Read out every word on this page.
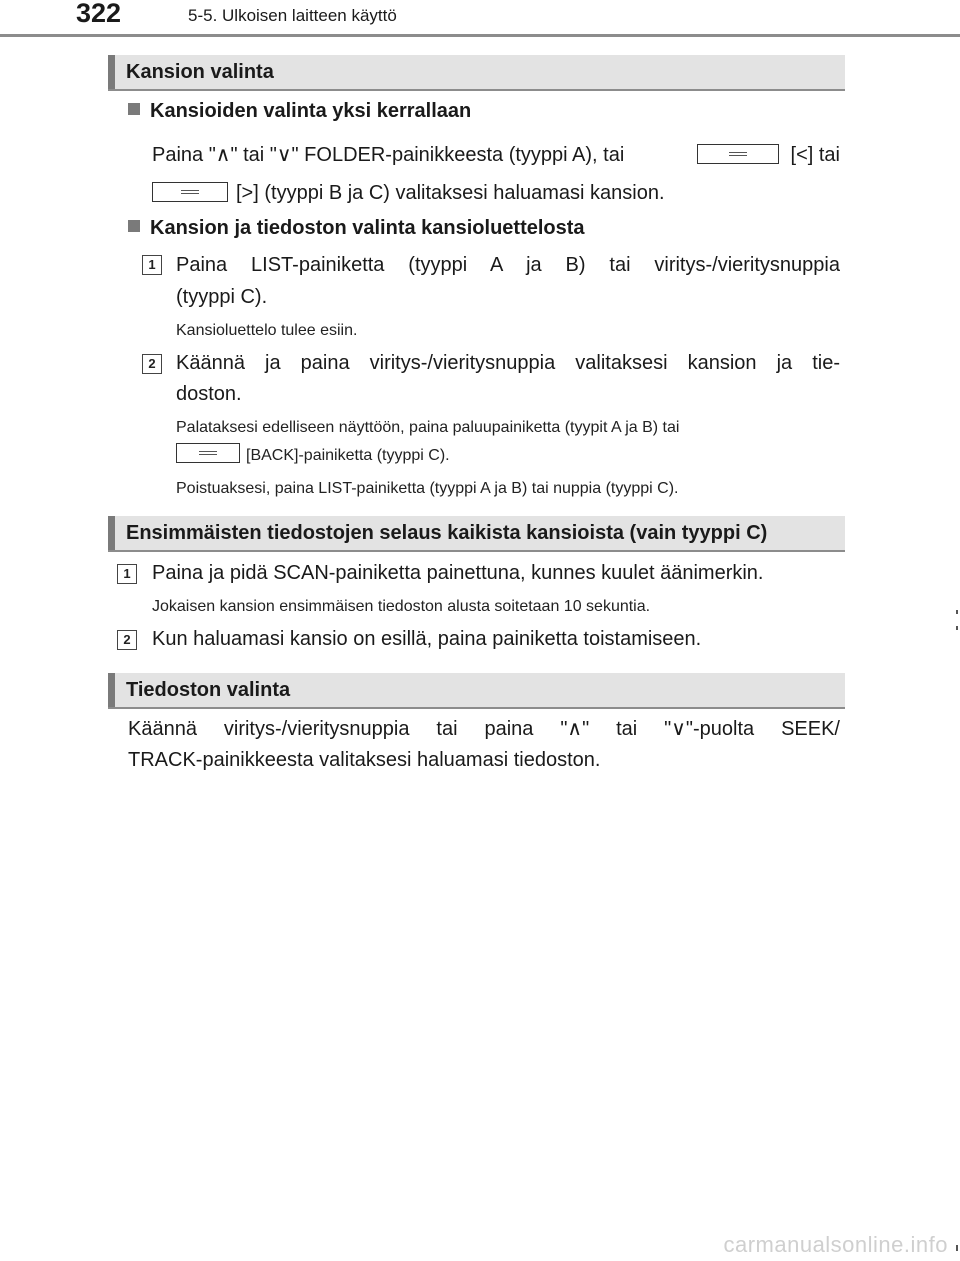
322	5-5. Ulkoisen laitteen käyttö
Kansion valinta
Kansioiden valinta yksi kerrallaan
Paina "∧" tai "∨" FOLDER-painikkeesta (tyyppi A), tai	[<] tai
[>] (tyyppi B ja C) valitaksesi haluamasi kansion.
Kansion ja tiedoston valinta kansioluettelosta
1	Paina LIST-painiketta (tyyppi A ja B) tai viritys-/vieritysnuppia
(tyyppi C).
Kansioluettelo tulee esiin.
2	Käännä ja paina viritys-/vieritysnuppia valitaksesi kansion ja tie-
doston.
Palataksesi edelliseen näyttöön, paina paluupainiketta (tyypit A ja B) tai
[BACK]-painiketta (tyyppi C).
Poistuaksesi, paina LIST-painiketta (tyyppi A ja B) tai nuppia (tyyppi C).
Ensimmäisten tiedostojen selaus kaikista kansioista (vain tyyppi C)
1	Paina ja pidä SCAN-painiketta painettuna, kunnes kuulet äänimerkin.
Jokaisen kansion ensimmäisen tiedoston alusta soitetaan 10 sekuntia.
2	Kun haluamasi kansio on esillä, paina painiketta toistamiseen.
Tiedoston valinta
Käännä viritys-/vieritysnuppia tai paina "∧" tai "∨"-puolta SEEK/
TRACK-painikkeesta valitaksesi haluamasi tiedoston.
carmanualsonline.info
